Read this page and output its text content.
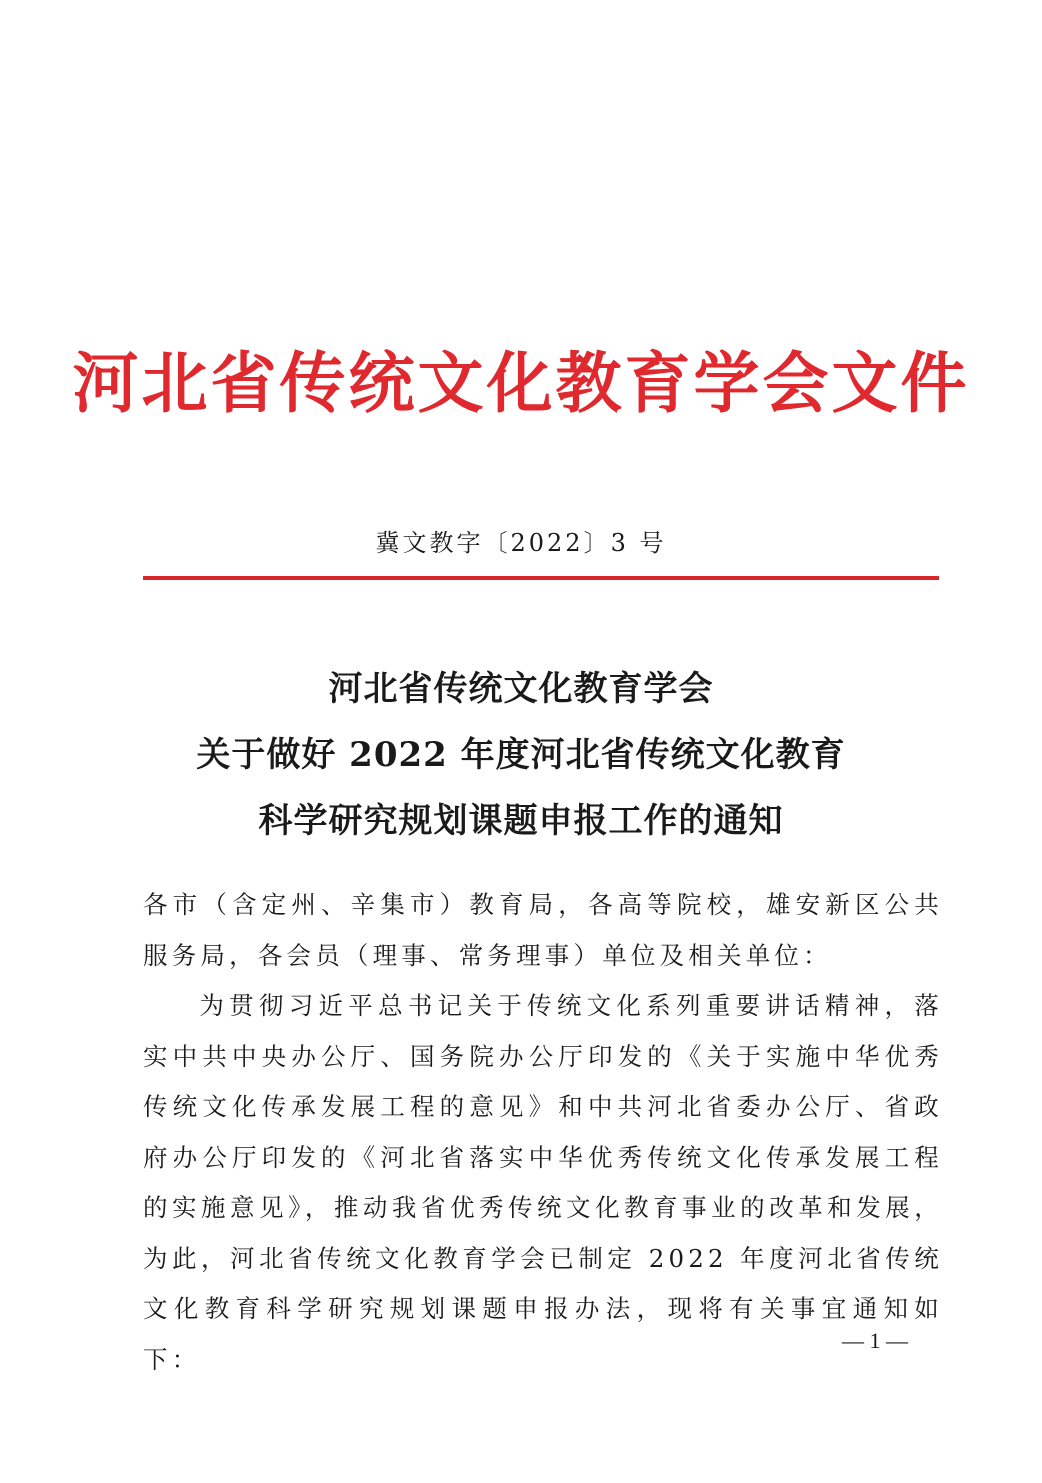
河北省传统文化教育学会文件
冀文教字〔2022〕3 号
河北省传统文化教育学会
关于做好 2022 年度河北省传统文化教育
科学研究规划课题申报工作的通知

各市（含定州、辛集市）教育局，各高等院校，雄安新区公共服务局，各会员（理事、常务理事）单位及相关单位：

为贯彻习近平总书记关于传统文化系列重要讲话精神，落实中共中央办公厅、国务院办公厅印发的《关于实施中华优秀传统文化传承发展工程的意见》和中共河北省委办公厅、省政府办公厅印发的《河北省落实中华优秀传统文化传承发展工程的实施意见》，推动我省优秀传统文化教育事业的改革和发展，为此，河北省传统文化教育学会已制定 2022 年度河北省传统文化教育科学研究规划课题申报办法，现将有关事宜通知如下：

— 1 —
